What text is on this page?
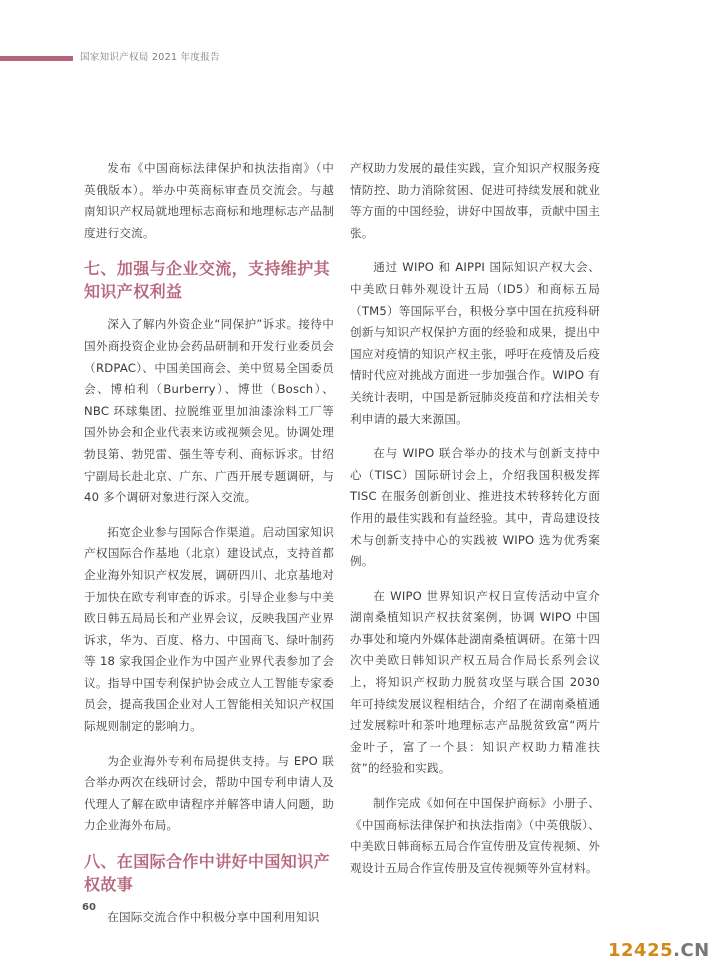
国家知识产权局 2021 年度报告

发布《中国商标法律保护和执法指南》（中英俄版本）。举办中英商标审查员交流会。与越南知识产权局就地理标志商标和地理标志产品制度进行交流。

七、加强与企业交流，支持维护其知识产权利益

深入了解内外资企业“同保护”诉求。接待中国外商投资企业协会药品研制和开发行业委员会（RDPAC）、中国美国商会、美中贸易全国委员会、博柏利（Burberry）、博世（Bosch）、NBC 环球集团、拉脱维亚里加油漆涂料工厂等国外协会和企业代表来访或视频会见。协调处理勃艮第、勃兕雷、强生等专利、商标诉求。甘绍宁副局长赴北京、广东、广西开展专题调研，与 40 多个调研对象进行深入交流。

拓宽企业参与国际合作渠道。启动国家知识产权国际合作基地（北京）建设试点，支持首都企业海外知识产权发展，调研四川、北京基地对于加快在欧专利审查的诉求。引导企业参与中美欧日韩五局局长和产业界会议，反映我国产业界诉求，华为、百度、格力、中国商飞、绿叶制药等 18 家我国企业作为中国产业界代表参加了会议。指导中国专利保护协会成立人工智能专家委员会，提高我国企业对人工智能相关知识产权国际规则制定的影响力。

为企业海外专利布局提供支持。与 EPO 联合举办两次在线研讨会，帮助中国专利申请人及代理人了解在欧申请程序并解答申请人问题，助力企业海外布局。

八、在国际合作中讲好中国知识产权故事

在国际交流合作中积极分享中国利用知识

产权助力发展的最佳实践，宣介知识产权服务疫情防控、助力消除贫困、促进可持续发展和就业等方面的中国经验，讲好中国故事，贡献中国主张。

通过 WIPO 和 AIPPI 国际知识产权大会、中美欧日韩外观设计五局（ID5）和商标五局（TM5）等国际平台，积极分享中国在抗疫科研创新与知识产权保护方面的经验和成果，提出中国应对疫情的知识产权主张，呼吁在疫情及后疫情时代应对挑战方面进一步加强合作。WIPO 有关统计表明，中国是新冠肺炎疫苗和疗法相关专利申请的最大来源国。

在与 WIPO 联合举办的技术与创新支持中心（TISC）国际研讨会上，介绍我国积极发挥 TISC 在服务创新创业、推进技术转移转化方面作用的最佳实践和有益经验。其中，青岛建设技术与创新支持中心的实践被 WIPO 选为优秀案例。

在 WIPO 世界知识产权日宣传活动中宣介湖南桑植知识产权扶贫案例，协调 WIPO 中国办事处和境内外媒体赴湖南桑植调研。在第十四次中美欧日韩知识产权五局合作局长系列会议上，将知识产权助力脱贫攻坚与联合国 2030 年可持续发展议程相结合，介绍了在湖南桑植通过发展粽叶和茶叶地理标志产品脱贫致富“两片金叶子，富了一个县：知识产权助力精准扶贫”的经验和实践。

制作完成《如何在中国保护商标》小册子、《中国商标法律保护和执法指南》（中英俄版）、中美欧日韩商标五局合作宣传册及宣传视频、外观设计五局合作宣传册及宣传视频等外宣材料。

60
12425.CN
